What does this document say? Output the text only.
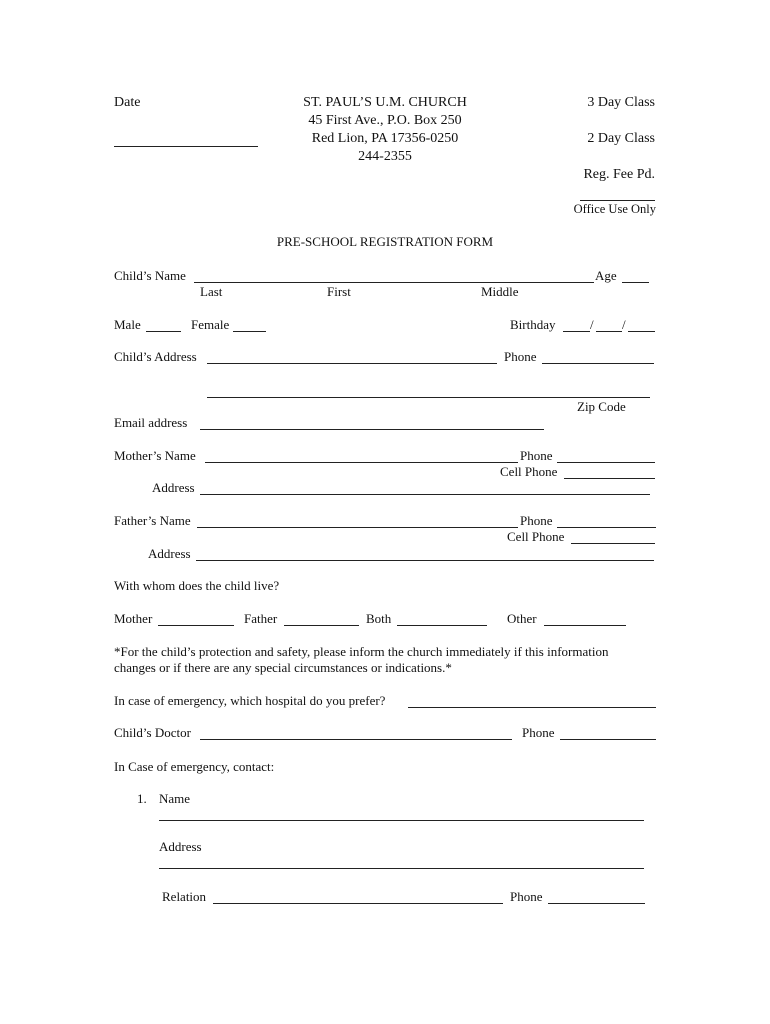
Date	ST. PAUL’S U.M. CHURCH
45 First Ave., P.O. Box 250
Red Lion, PA 17356-0250
244-2355
3 Day Class
2 Day Class
Reg. Fee Pd.
Office Use Only
PRE-SCHOOL REGISTRATION FORM
Child’s Name	Age
Last	First	Middle
Male	Female	Birthday	/ /
Child’s Address	Phone
Zip Code
Email address
Mother’s Name	Phone
Cell Phone
Address
Father’s Name	Phone
Cell Phone
Address
With whom does the child live?
Mother	Father	Both	Other
*For the child’s protection and safety, please inform the church immediately if this information
changes or if there are any special circumstances or indications.*
In case of emergency, which hospital do you prefer?
Child’s Doctor	Phone
In Case of emergency, contact:
1. Name
Address
Relation	Phone
